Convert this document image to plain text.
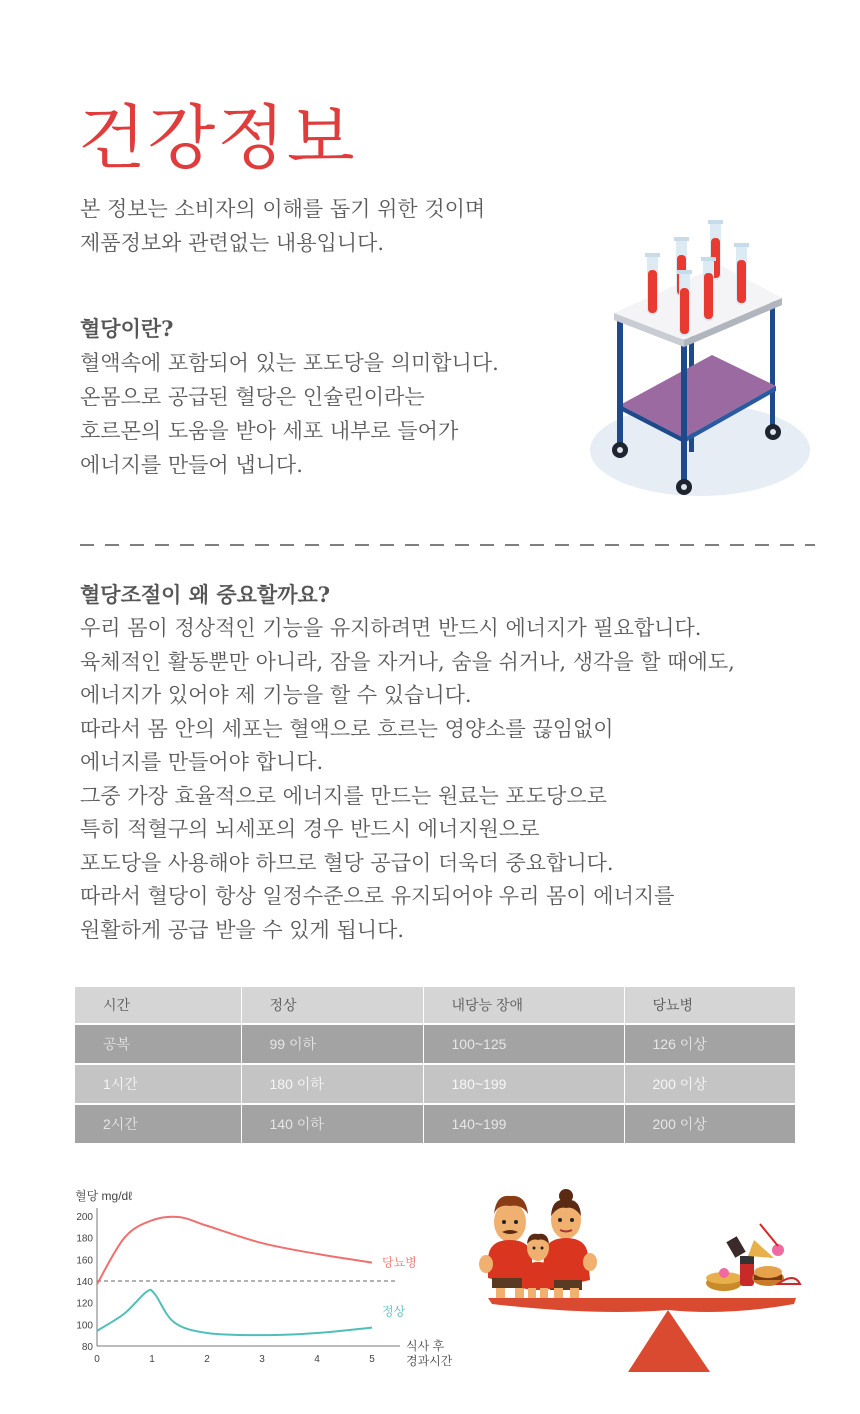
건강정보
본 정보는 소비자의 이해를 돕기 위한 것이며
제품정보와 관련없는 내용입니다.
혈당이란?
혈액속에 포함되어 있는 포도당을 의미합니다.
온몸으로 공급된 혈당은 인슐린이라는
호르몬의 도움을 받아 세포 내부로 들어가
에너지를 만들어 냅니다.
혈당조절이 왜 중요할까요?
우리 몸이 정상적인 기능을 유지하려면 반드시 에너지가 필요합니다.
육체적인 활동뿐만 아니라, 잠을 자거나, 숨을 쉬거나, 생각을 할 때에도,
에너지가 있어야 제 기능을 할 수 있습니다.
따라서 몸 안의 세포는 혈액으로 흐르는 영양소를 끊임없이
에너지를 만들어야 합니다.
그중 가장 효율적으로 에너지를 만드는 원료는 포도당으로
특히 적혈구의 뇌세포의 경우 반드시 에너지원으로
포도당을 사용해야 하므로 혈당 공급이 더욱더 중요합니다.
따라서 혈당이 항상 일정수준으로 유지되어야 우리 몸이 에너지를
원활하게 공급 받을 수 있게 됩니다.
시간	정상	내당능 장애	당뇨병
공복	99 이하	100~125	126 이상
1시간	180 이하	180~199	200 이상
2시간	140 이하	140~199	200 이상
혈당 mg/dℓ
식사 후
경과시간
200
180
160
140
120
100
80
0	1	2	3	4	5
당뇨병
정상
